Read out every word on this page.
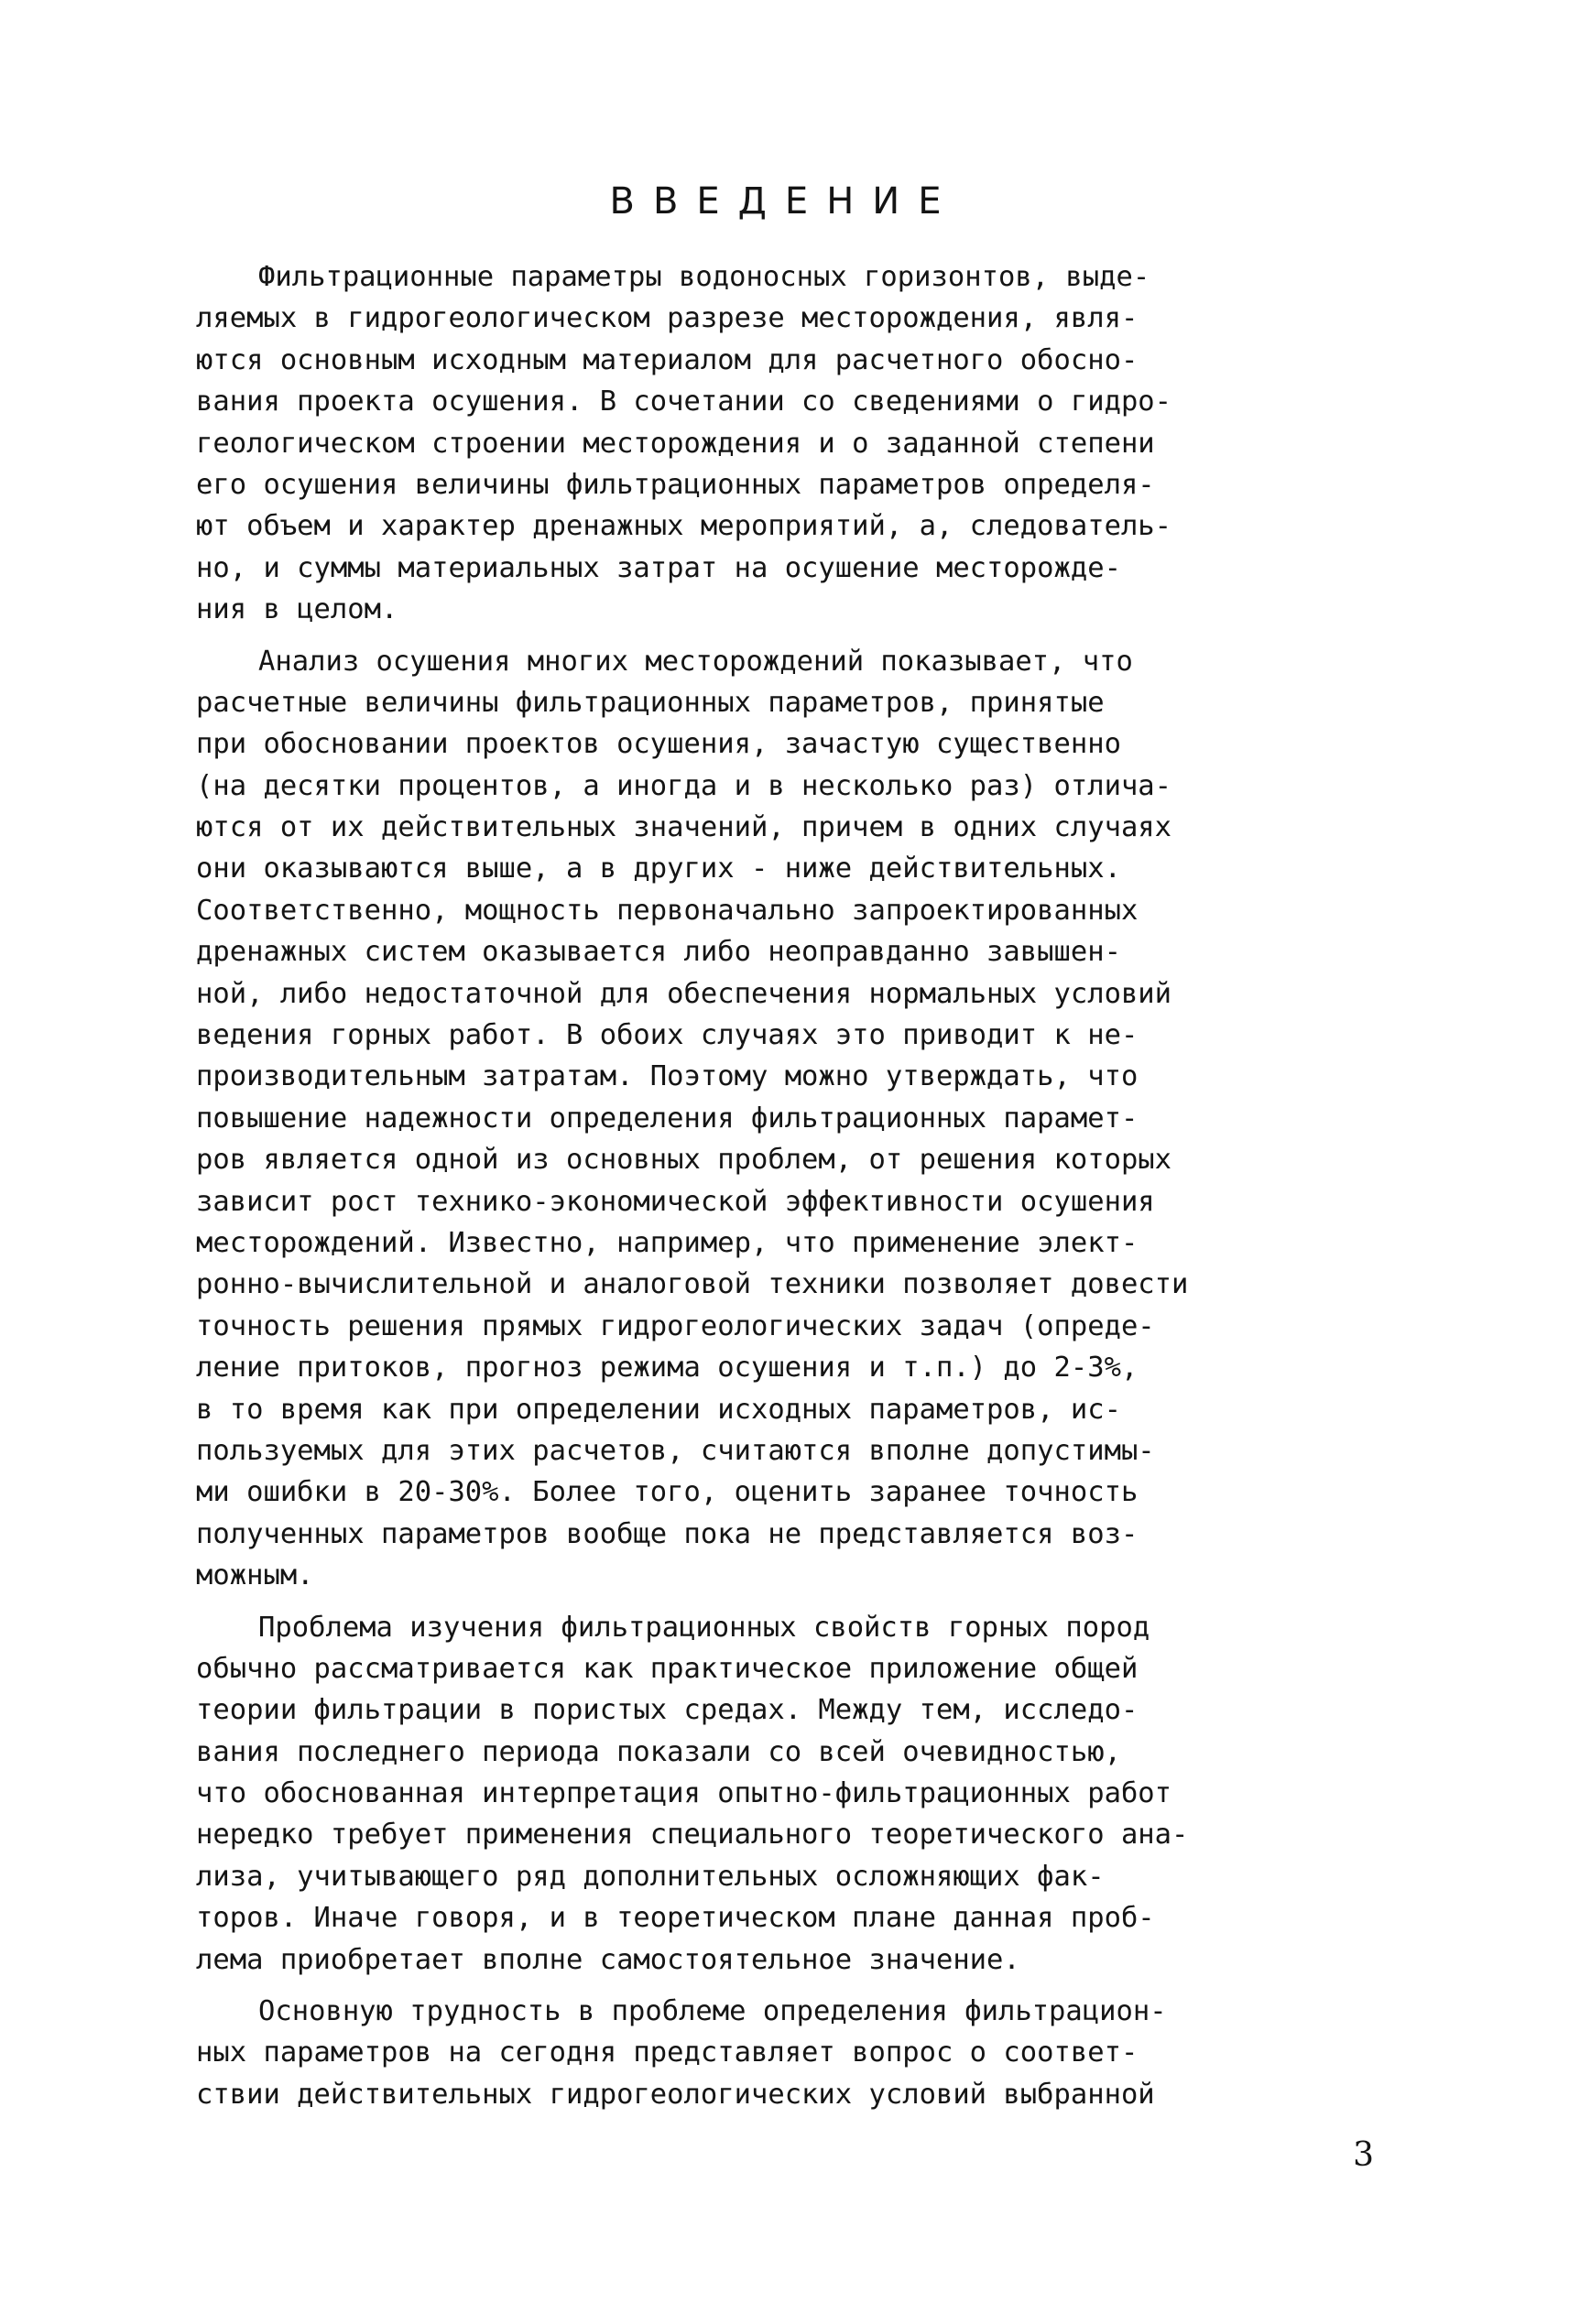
ВВЕДЕНИЕ
Фильтрационные параметры водоносных горизонтов, выде-
ляемых в гидрогеологическом разрезе месторождения, явля-
ются основным исходным материалом для расчетного обосно-
вания проекта осушения. В сочетании со сведениями о гидро-
геологическом строении месторождения и о заданной степени
его осушения величины фильтрационных параметров определя-
ют объем и характер дренажных мероприятий, а, следователь-
но, и суммы материальных затрат на осушение месторожде-
ния в целом.
Анализ осушения многих месторождений показывает, что
расчетные величины фильтрационных параметров, принятые
при обосновании проектов осушения, зачастую существенно
(на десятки процентов, а иногда и в несколько раз) отлича-
ются от их действительных значений, причем в одних случаях
они оказываются выше, а в других - ниже действительных.
Соответственно, мощность первоначально запроектированных
дренажных систем оказывается либо неоправданно завышен-
ной, либо недостаточной для обеспечения нормальных условий
ведения горных работ. В обоих случаях это приводит к не-
производительным затратам. Поэтому можно утверждать, что
повышение надежности определения фильтрационных парамет-
ров является одной из основных проблем, от решения которых
зависит рост технико-экономической эффективности осушения
месторождений. Известно, например, что применение элект-
ронно-вычислительной и аналоговой техники позволяет довести
точность решения прямых гидрогеологических задач (опреде-
ление притоков, прогноз режима осушения и т.п.) до 2-3%,
в то время как при определении исходных параметров, ис-
пользуемых для этих расчетов, считаются вполне допустимы-
ми ошибки в 20-30%. Более того, оценить заранее точность
полученных параметров вообще пока не представляется воз-
можным.
Проблема изучения фильтрационных свойств горных пород
обычно рассматривается как практическое приложение общей
теории фильтрации в пористых средах. Между тем, исследо-
вания последнего периода показали со всей очевидностью,
что обоснованная интерпретация опытно-фильтрационных работ
нередко требует применения специального теоретического ана-
лиза, учитывающего ряд дополнительных осложняющих фак-
торов. Иначе говоря, и в теоретическом плане данная проб-
лема приобретает вполне самостоятельное значение.
Основную трудность в проблеме определения фильтрацион-
ных параметров на сегодня представляет вопрос о соответ-
ствии действительных гидрогеологических условий выбранной
3
